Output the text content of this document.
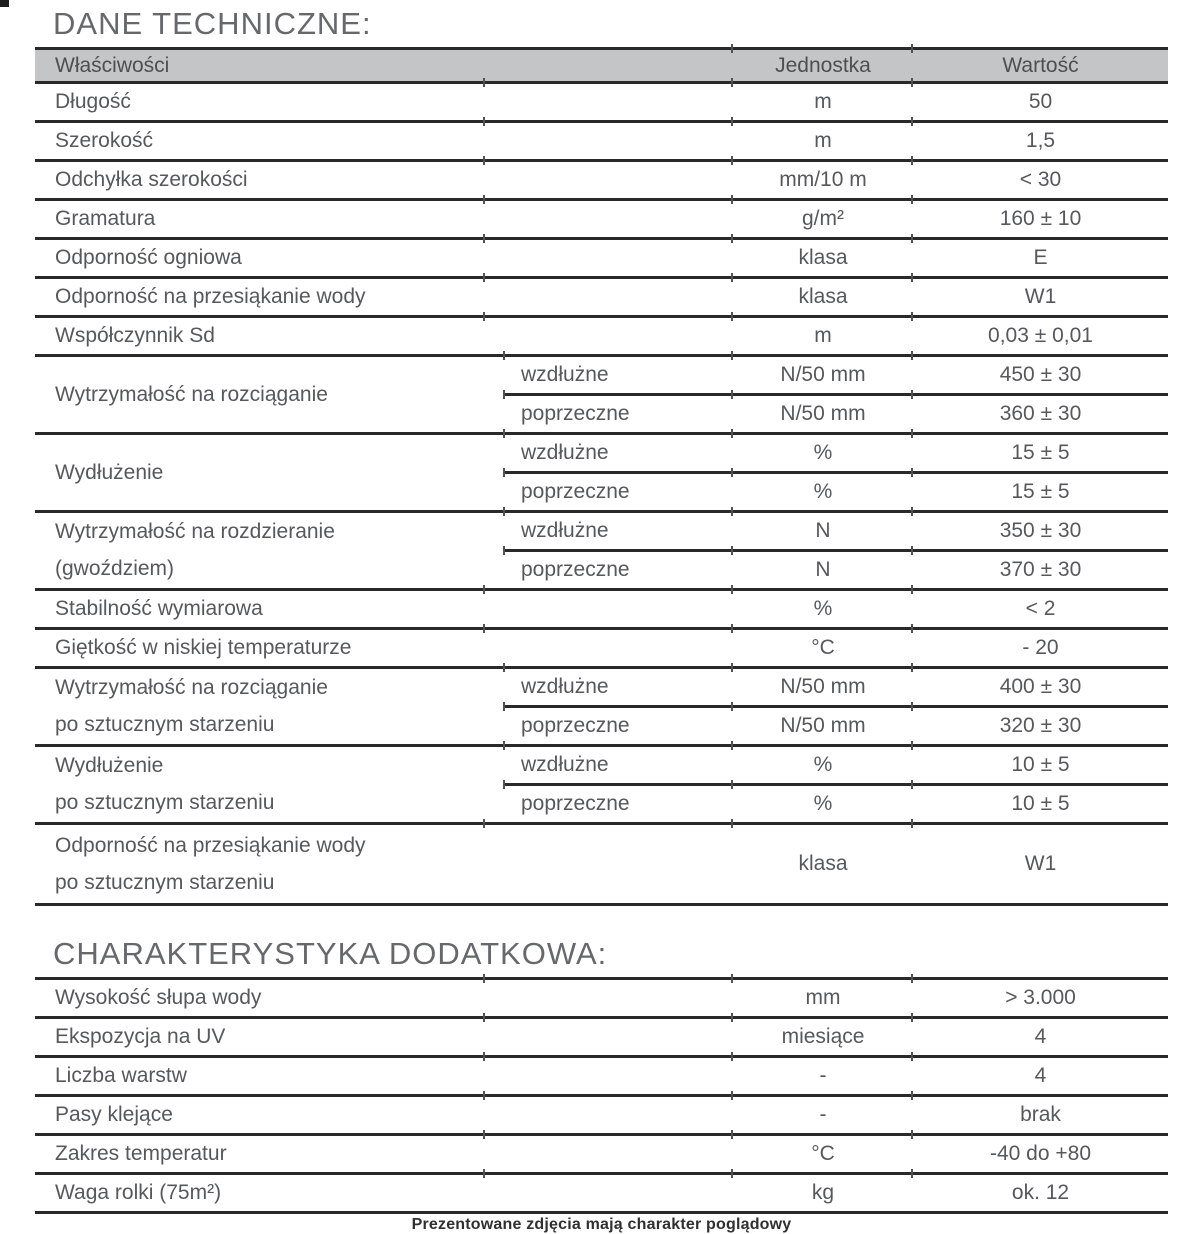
DANE TECHNICZNE:
Właściwości		Jednostka	Wartość
Długość		m	50
Szerokość		m	1,5
Odchyłka szerokości		mm/10 m	< 30
Gramatura		g/m²	160 ± 10
Odporność ogniowa		klasa	E
Odporność na przesiąkanie wody		klasa	W1
Współczynnik Sd		m	0,03 ± 0,01
Wytrzymałość na rozciąganie	wzdłużne	N/50 mm	450 ± 30
	poprzeczne	N/50 mm	360 ± 30
Wydłużenie	wzdłużne	%	15 ± 5
	poprzeczne	%	15 ± 5

Wytrzymałość na rozdzieranie
(gwoździem)	wzdłużne	N	350 ± 30
	poprzeczne	N	370 ± 30
Stabilność wymiarowa		%	< 2
Giętkość w niskiej temperaturze		°C	- 20

Wytrzymałość na rozciąganie
po sztucznym starzeniu	wzdłużne	N/50 mm	400 ± 30
	poprzeczne	N/50 mm	320 ± 30

Wydłużenie
po sztucznym starzeniu	wzdłużne	%	10 ± 5
	poprzeczne	%	10 ± 5

Odporność na przesiąkanie wody
po sztucznym starzeniu		klasa	W1
CHARAKTERYSTYKA DODATKOWA:
Wysokość słupa wody	mm	> 3.000
Ekspozycja na UV	miesiące	4
Liczba warstw	-	4
Pasy klejące	-	brak
Zakres temperatur	°C	-40 do +80
Waga rolki (75m²)	kg	ok. 12
Prezentowane zdjęcia mają charakter poglądowy
